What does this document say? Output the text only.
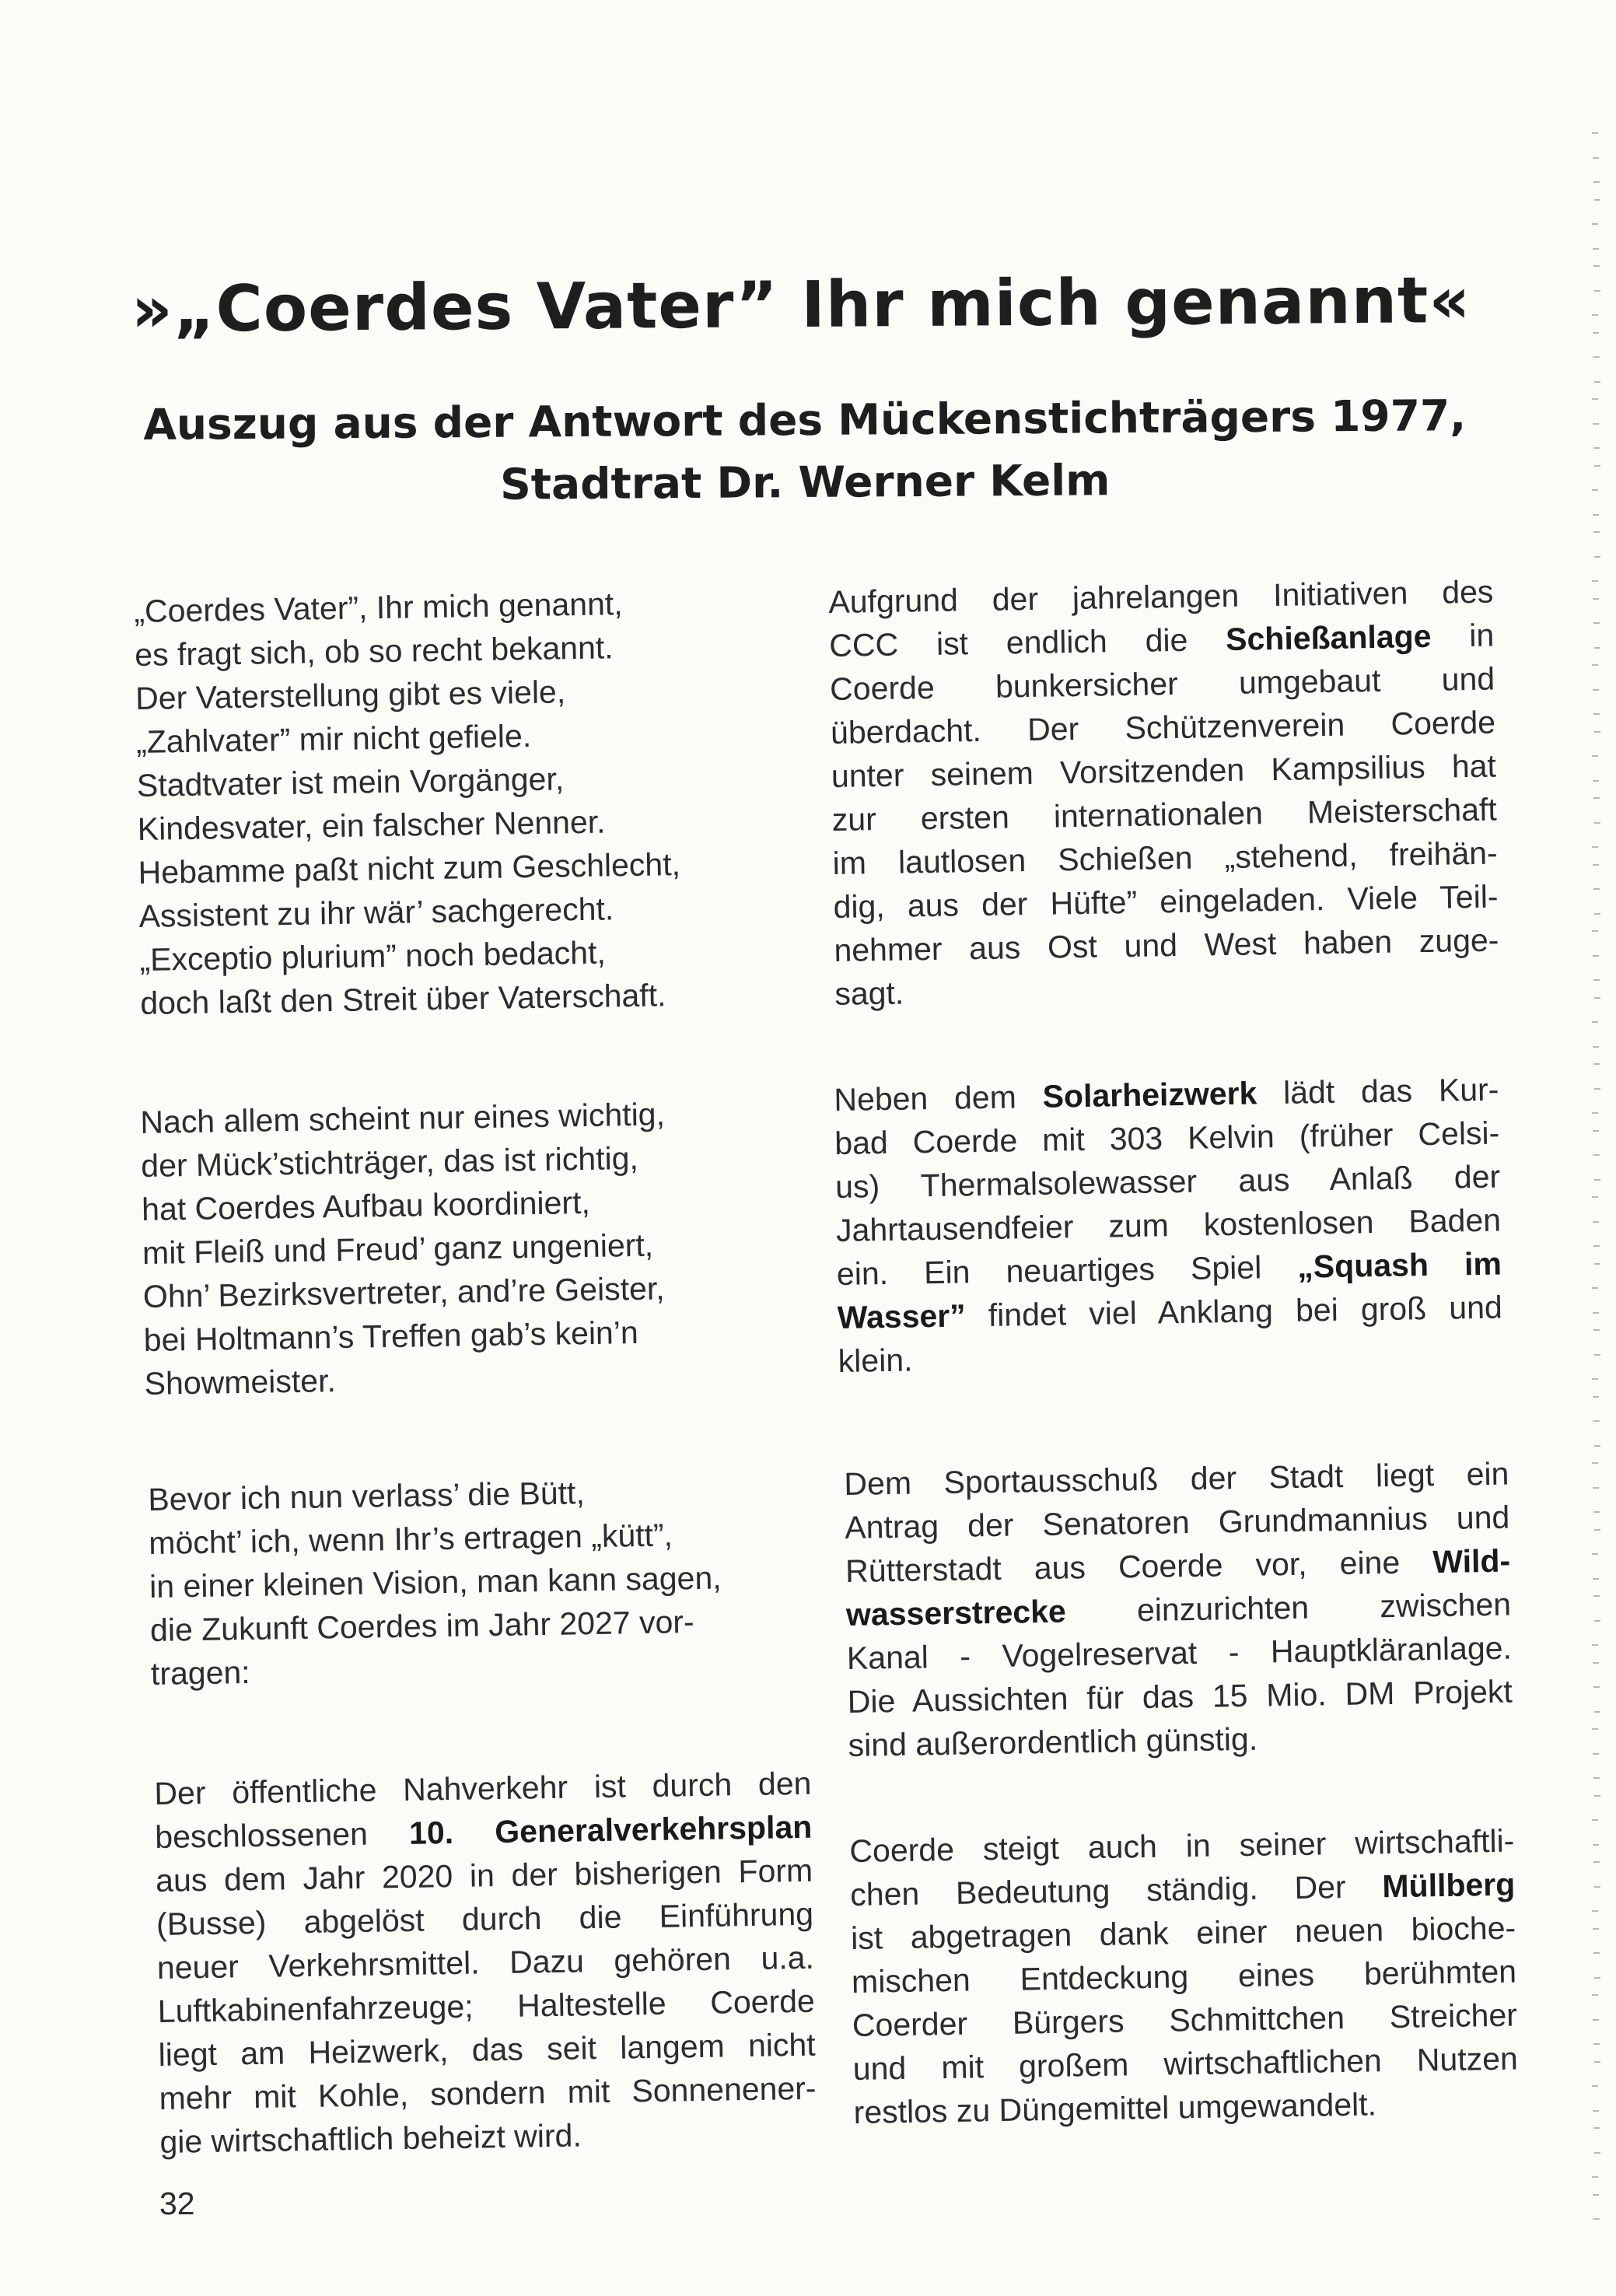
»„Coerdes Vater” Ihr mich genannt«
Auszug aus der Antwort des Mückenstichträgers 1977,
Stadtrat Dr. Werner Kelm
„Coerdes Vater”, Ihr mich genannt,
es fragt sich, ob so recht bekannt.
Der Vaterstellung gibt es viele,
„Zahlvater” mir nicht gefiele.
Stadtvater ist mein Vorgänger,
Kindesvater, ein falscher Nenner.
Hebamme paßt nicht zum Geschlecht,
Assistent zu ihr wär’ sachgerecht.
„Exceptio plurium” noch bedacht,
doch laßt den Streit über Vaterschaft.
Nach allem scheint nur eines wichtig,
der Mück’stichträger, das ist richtig,
hat Coerdes Aufbau koordiniert,
mit Fleiß und Freud’ ganz ungeniert,
Ohn’ Bezirksvertreter, and’re Geister,
bei Holtmann’s Treffen gab’s kein’n
Showmeister.
Bevor ich nun verlass’ die Bütt,
möcht’ ich, wenn Ihr’s ertragen „kütt”,
in einer kleinen Vision, man kann sagen,
die Zukunft Coerdes im Jahr 2027 vor-
tragen:
Der öffentliche Nahverkehr ist durch den
beschlossenen 10. Generalverkehrsplan
aus dem Jahr 2020 in der bisherigen Form
(Busse) abgelöst durch die Einführung
neuer Verkehrsmittel. Dazu gehören u.a.
Luftkabinenfahrzeuge; Haltestelle Coerde
liegt am Heizwerk, das seit langem nicht
mehr mit Kohle, sondern mit Sonnenener-
gie wirtschaftlich beheizt wird.
Aufgrund der jahrelangen Initiativen des
CCC ist endlich die Schießanlage in
Coerde bunkersicher umgebaut und
überdacht. Der Schützenverein Coerde
unter seinem Vorsitzenden Kampsilius hat
zur ersten internationalen Meisterschaft
im lautlosen Schießen „stehend, freihän-
dig, aus der Hüfte” eingeladen. Viele Teil-
nehmer aus Ost und West haben zuge-
sagt.
Neben dem Solarheizwerk lädt das Kur-
bad Coerde mit 303 Kelvin (früher Celsi-
us) Thermalsolewasser aus Anlaß der
Jahrtausendfeier zum kostenlosen Baden
ein. Ein neuartiges Spiel „Squash im
Wasser” findet viel Anklang bei groß und
klein.
Dem Sportausschuß der Stadt liegt ein
Antrag der Senatoren Grundmannius und
Rütterstadt aus Coerde vor, eine Wild-
wasserstrecke einzurichten zwischen
Kanal - Vogelreservat - Hauptkläranlage.
Die Aussichten für das 15 Mio. DM Projekt
sind außerordentlich günstig.
Coerde steigt auch in seiner wirtschaftli-
chen Bedeutung ständig. Der Müllberg
ist abgetragen dank einer neuen bioche-
mischen Entdeckung eines berühmten
Coerder Bürgers Schmittchen Streicher
und mit großem wirtschaftlichen Nutzen
restlos zu Düngemittel umgewandelt.
32
